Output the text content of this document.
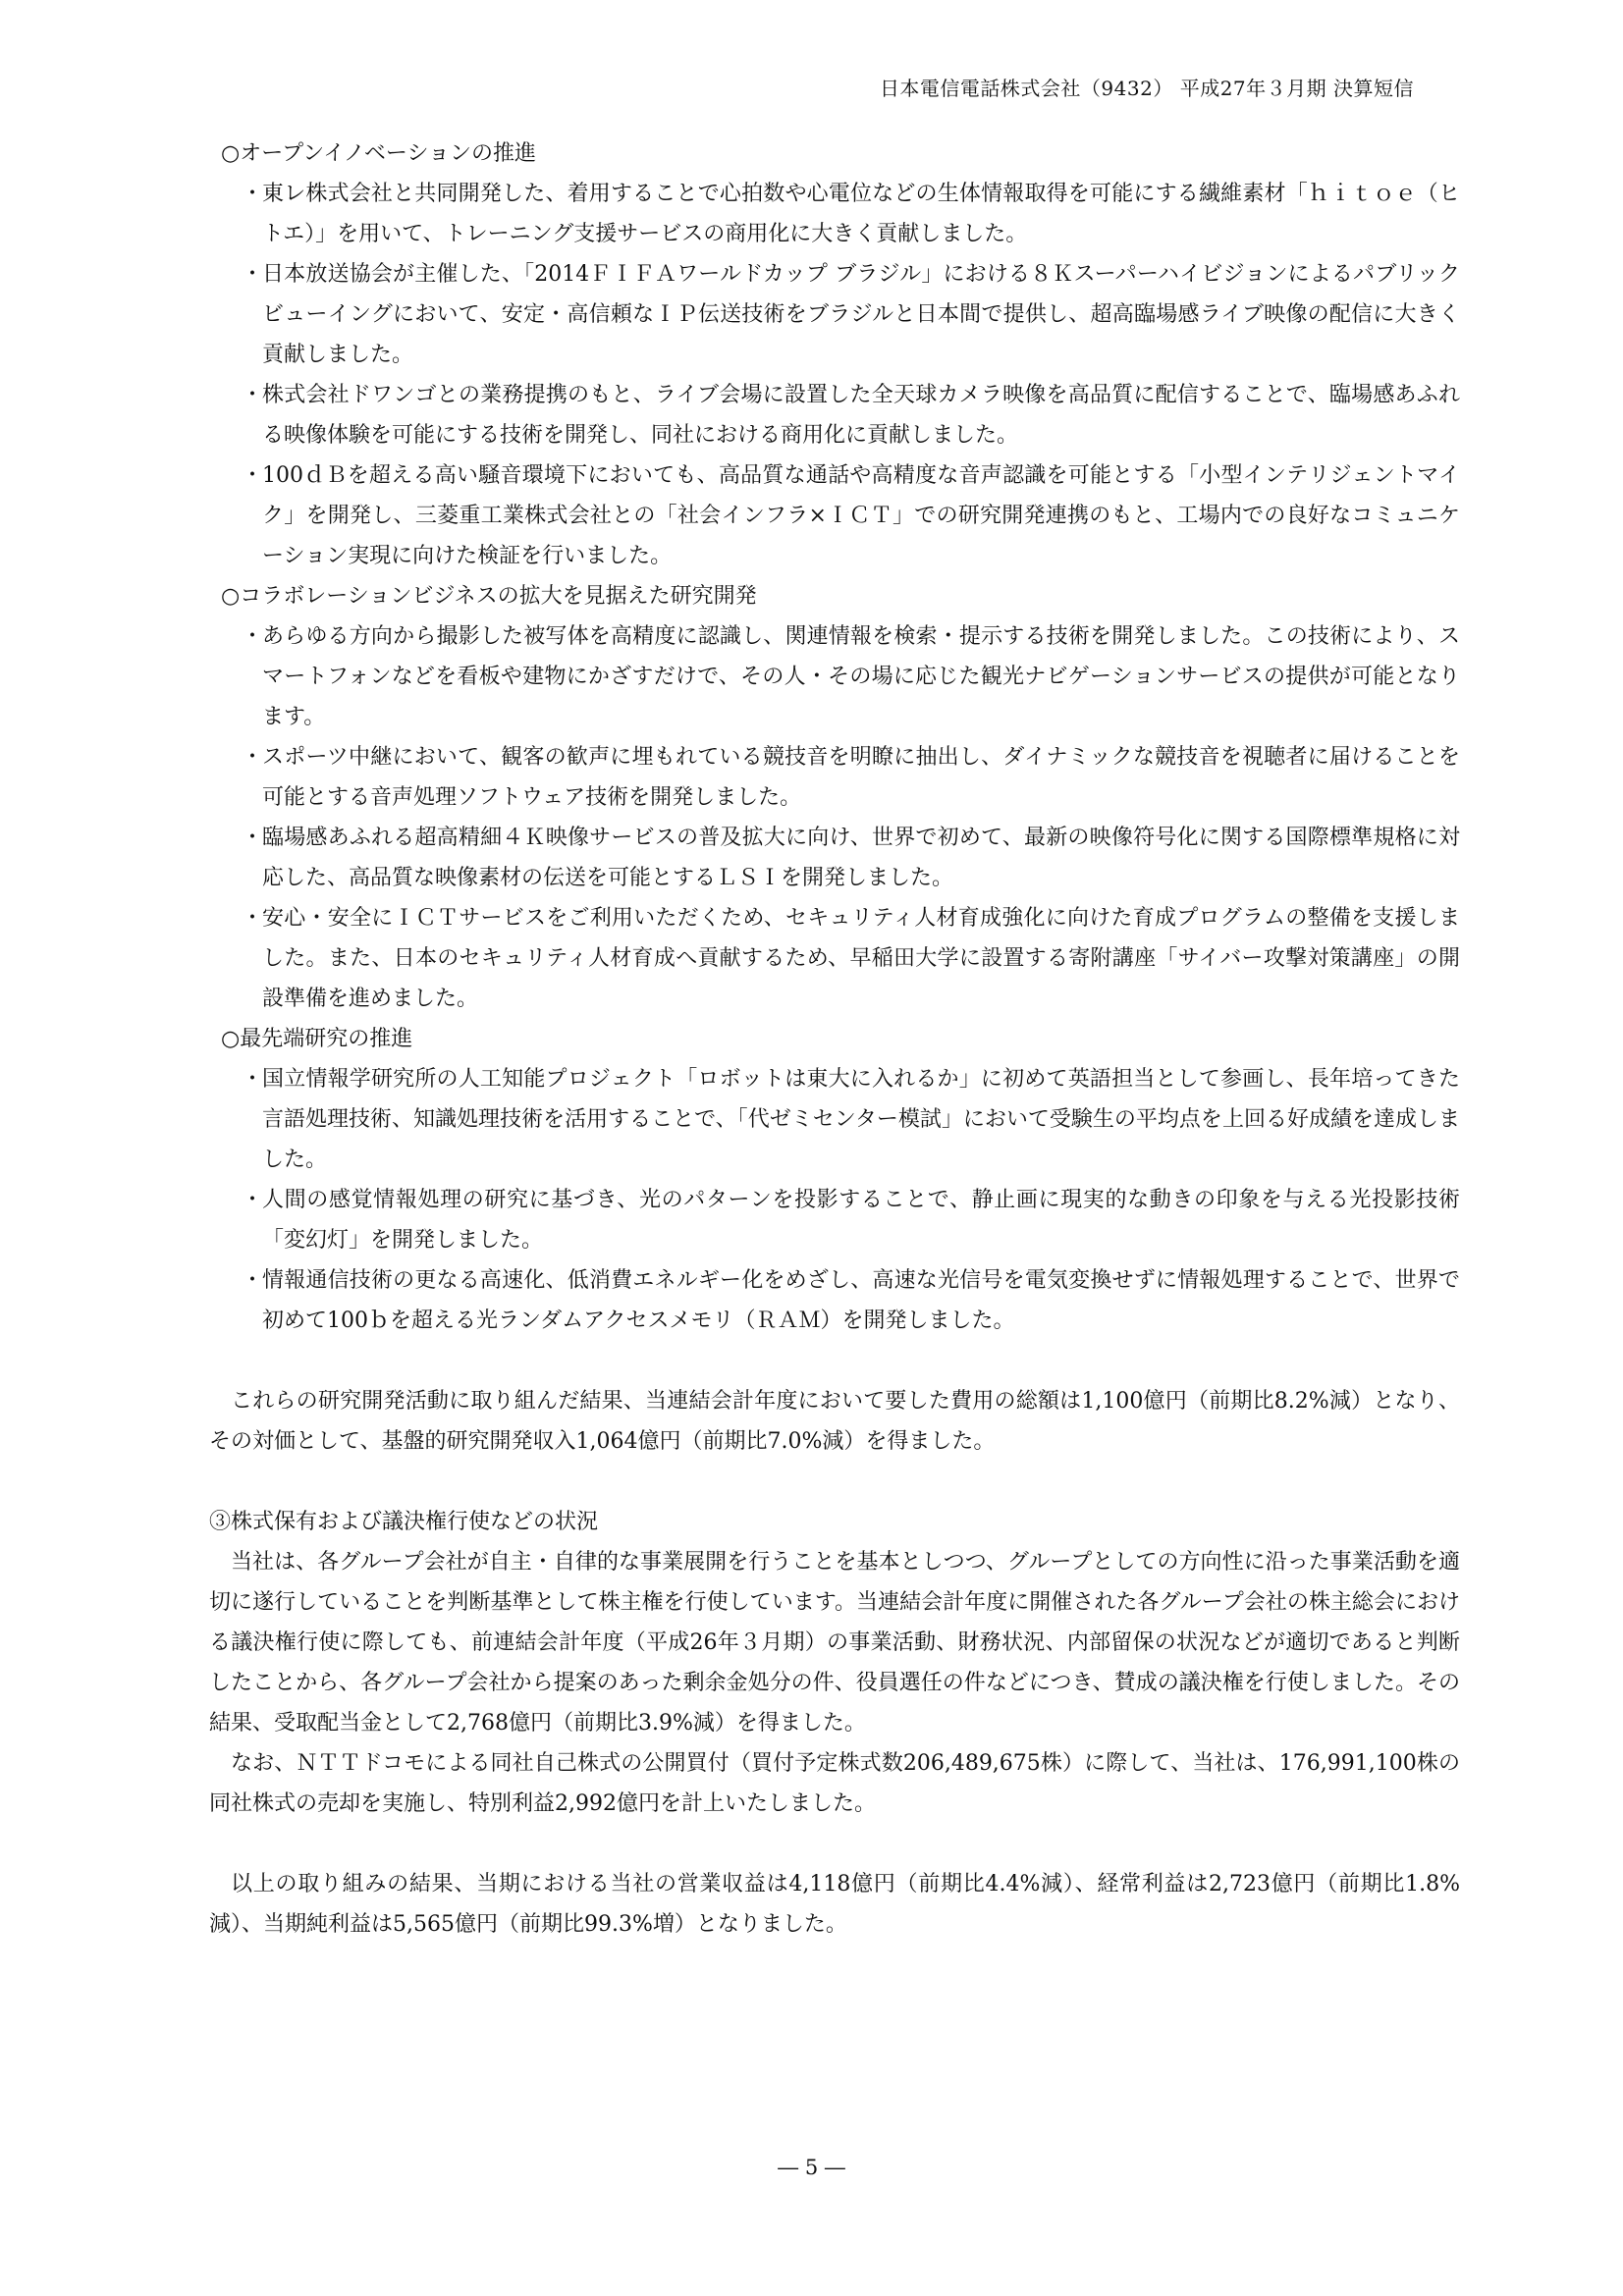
日本電信電話株式会社（9432） 平成27年３月期 決算短信

○オープンイノベーションの推進

・ 東レ株式会社と共同開発した、着用することで心拍数や心電位などの生体情報取得を可能にする繊維素材「ｈｉｔｏｅ（ヒトエ）」を用いて、トレーニング支援サービスの商用化に大きく貢献しました。

・ 日本放送協会が主催した、「2014ＦＩＦＡワールドカップ ブラジル」における８Ｋスーパーハイビジョンによるパブリックビューイングにおいて、安定・高信頼なＩＰ伝送技術をブラジルと日本間で提供し、超高臨場感ライブ映像の配信に大きく貢献しました。

・ 株式会社ドワンゴとの業務提携のもと、ライブ会場に設置した全天球カメラ映像を高品質に配信することで、臨場感あふれる映像体験を可能にする技術を開発し、同社における商用化に貢献しました。

・ 100ｄＢを超える高い騒音環境下においても、高品質な通話や高精度な音声認識を可能とする「小型インテリジェントマイク」を開発し、三菱重工業株式会社との「社会インフラ×ＩＣＴ」での研究開発連携のもと、工場内での良好なコミュニケーション実現に向けた検証を行いました。

○コラボレーションビジネスの拡大を見据えた研究開発

・ あらゆる方向から撮影した被写体を高精度に認識し、関連情報を検索・提示する技術を開発しました。この技術により、スマートフォンなどを看板や建物にかざすだけで、その人・その場に応じた観光ナビゲーションサービスの提供が可能となります。

・ スポーツ中継において、観客の歓声に埋もれている競技音を明瞭に抽出し、ダイナミックな競技音を視聴者に届けることを可能とする音声処理ソフトウェア技術を開発しました。

・ 臨場感あふれる超高精細４Ｋ映像サービスの普及拡大に向け、世界で初めて、最新の映像符号化に関する国際標準規格に対応した、高品質な映像素材の伝送を可能とするＬＳＩを開発しました。

・ 安心・安全にＩＣＴサービスをご利用いただくため、セキュリティ人材育成強化に向けた育成プログラムの整備を支援しました。また、日本のセキュリティ人材育成へ貢献するため、早稲田大学に設置する寄附講座「サイバー攻撃対策講座」の開設準備を進めました。

○最先端研究の推進

・ 国立情報学研究所の人工知能プロジェクト「ロボットは東大に入れるか」に初めて英語担当として参画し、長年培ってきた言語処理技術、知識処理技術を活用することで、「代ゼミセンター模試」において受験生の平均点を上回る好成績を達成しました。

・ 人間の感覚情報処理の研究に基づき、光のパターンを投影することで、静止画に現実的な動きの印象を与える光投影技術「変幻灯」を開発しました。

・ 情報通信技術の更なる高速化、低消費エネルギー化をめざし、高速な光信号を電気変換せずに情報処理することで、世界で初めて100ｂを超える光ランダムアクセスメモリ（ＲＡＭ）を開発しました。

これらの研究開発活動に取り組んだ結果、当連結会計年度において要した費用の総額は1,100億円（前期比8.2%減）となり、その対価として、基盤的研究開発収入1,064億円（前期比7.0%減）を得ました。

③株式保有および議決権行使などの状況

当社は、各グループ会社が自主・自律的な事業展開を行うことを基本としつつ、グループとしての方向性に沿った事業活動を適切に遂行していることを判断基準として株主権を行使しています。当連結会計年度に開催された各グループ会社の株主総会における議決権行使に際しても、前連結会計年度（平成26年３月期）の事業活動、財務状況、内部留保の状況などが適切であると判断したことから、各グループ会社から提案のあった剰余金処分の件、役員選任の件などにつき、賛成の議決権を行使しました。その結果、受取配当金として2,768億円（前期比3.9%減）を得ました。

なお、ＮＴＴドコモによる同社自己株式の公開買付（買付予定株式数206,489,675株）に際して、当社は、176,991,100株の同社株式の売却を実施し、特別利益2,992億円を計上いたしました。

以上の取り組みの結果、当期における当社の営業収益は4,118億円（前期比4.4%減）、経常利益は2,723億円（前期比1.8%減）、当期純利益は5,565億円（前期比99.3%増）となりました。

― 5 ―
